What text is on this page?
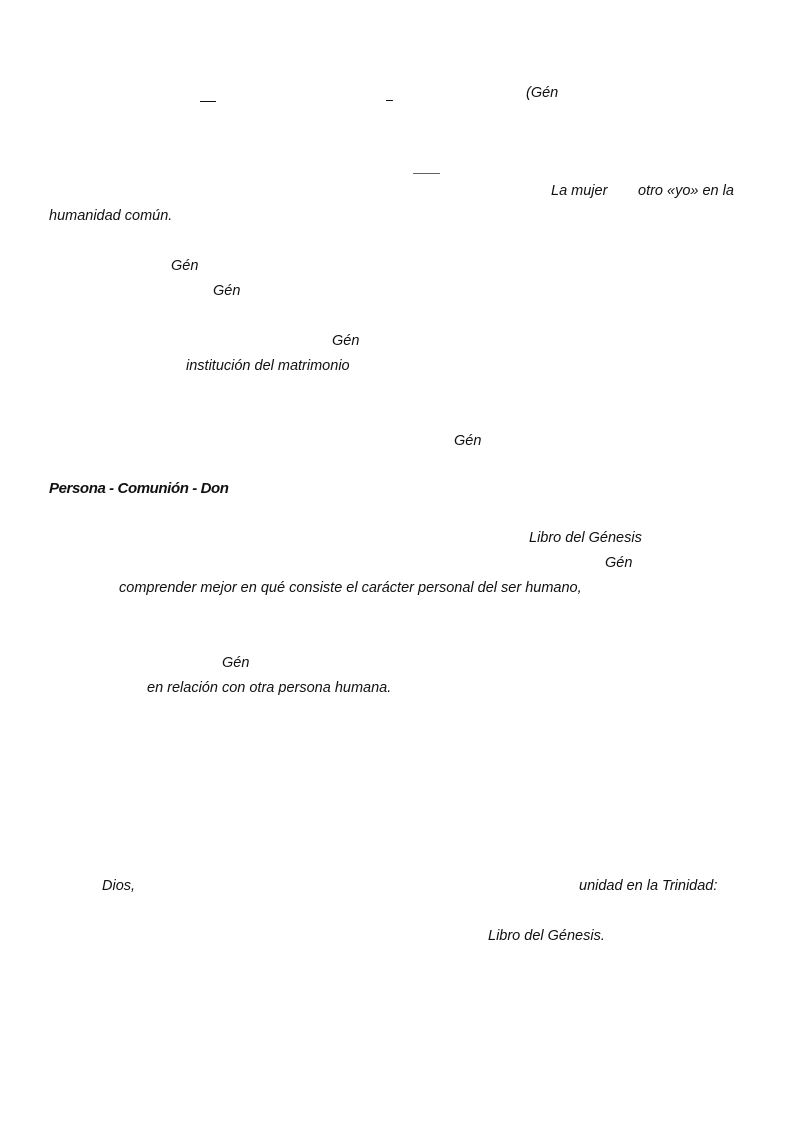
(Gén
La mujer otro «yo» en la
humanidad común.
Gén
Gén
Gén
institución del matrimonio
Gén
Persona - Comunión - Don
Libro del Génesis
Gén
comprender mejor en qué consiste el carácter personal del ser humano,
Gén
en relación con otra persona humana.
Dios,	unidad en la Trinidad:
Libro del Génesis.
